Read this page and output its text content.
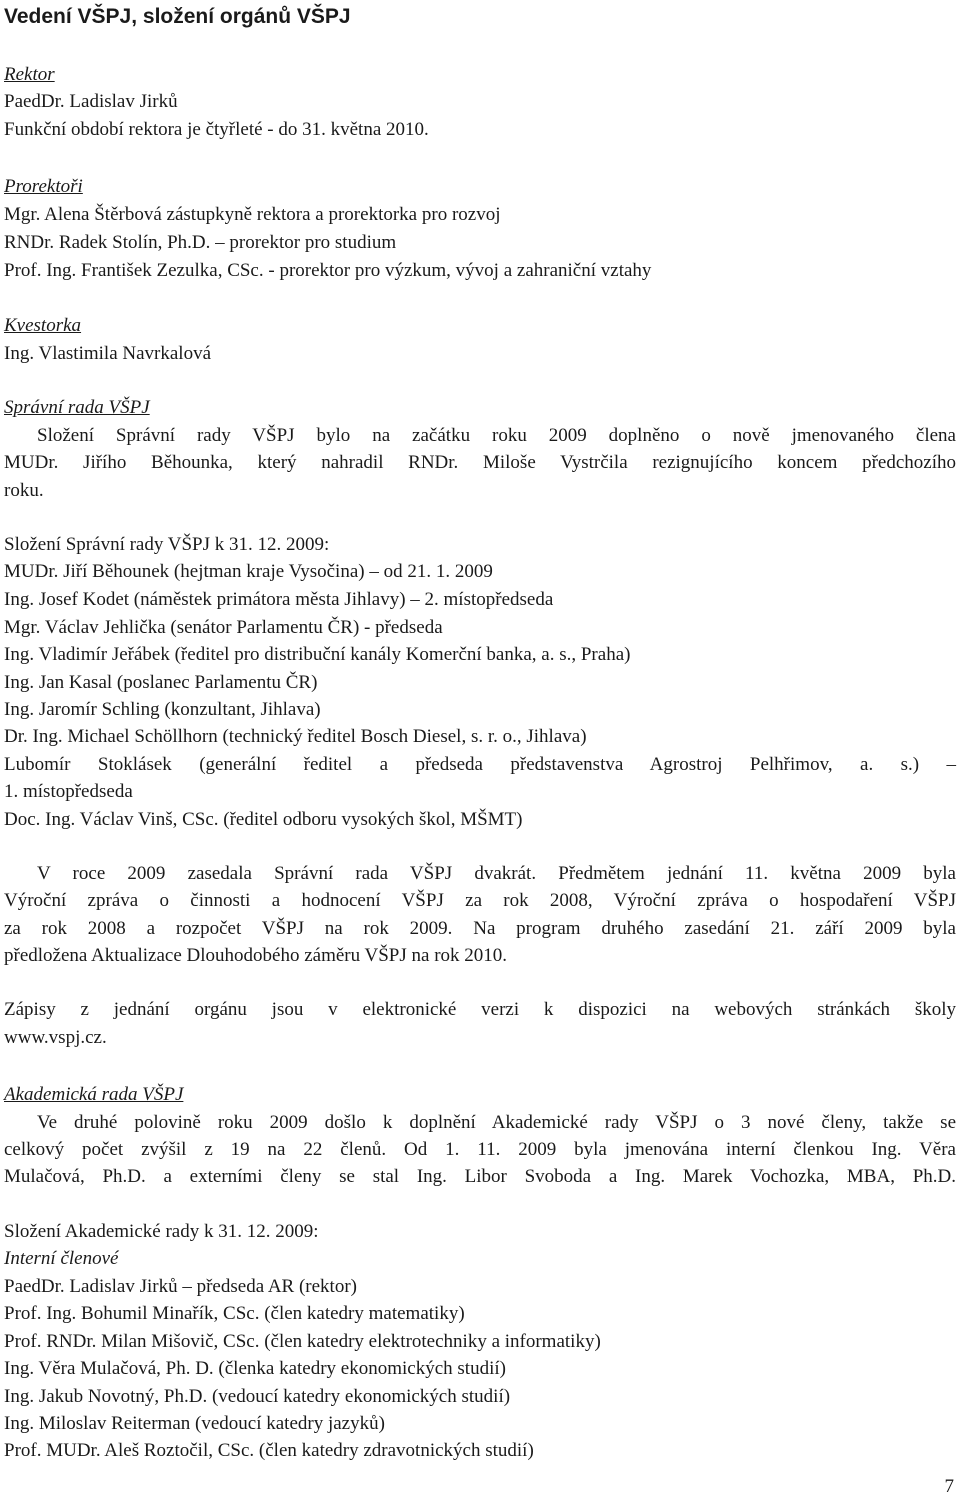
Vedení VŠPJ, složení orgánů VŠPJ
Rektor
PaedDr. Ladislav Jirků
Funkční období rektora je čtyřleté - do 31. května 2010.
Prorektoři
Mgr. Alena Štěrbová zástupkyně rektora a prorektorka pro rozvoj
RNDr. Radek Stolín, Ph.D. – prorektor pro studium
Prof. Ing. František Zezulka, CSc. - prorektor pro výzkum, vývoj a zahraniční vztahy
Kvestorka
Ing. Vlastimila Navrkalová
Správní rada VŠPJ
Složení Správní rady VŠPJ bylo na začátku roku 2009 doplněno o nově jmenovaného člena
MUDr. Jiřího Běhounka, který nahradil RNDr. Miloše Vystrčila rezignujícího koncem předchozího
roku.
Složení Správní rady VŠPJ k 31. 12. 2009:
MUDr. Jiří Běhounek (hejtman kraje Vysočina) – od 21. 1. 2009
Ing. Josef Kodet (náměstek primátora města Jihlavy) – 2. místopředseda
Mgr. Václav Jehlička (senátor Parlamentu ČR) - předseda
Ing. Vladimír Jeřábek (ředitel pro distribuční kanály Komerční banka, a. s., Praha)
Ing. Jan Kasal (poslanec Parlamentu ČR)
Ing. Jaromír Schling (konzultant, Jihlava)
Dr. Ing. Michael Schöllhorn (technický ředitel Bosch Diesel, s. r. o., Jihlava)
Lubomír Stoklásek (generální ředitel a předseda představenstva Agrostroj Pelhřimov, a. s.) –
1. místopředseda
Doc. Ing. Václav Vinš, CSc. (ředitel odboru vysokých škol, MŠMT)
V roce 2009 zasedala Správní rada VŠPJ dvakrát. Předmětem jednání 11. května 2009 byla
Výroční zpráva o činnosti a hodnocení VŠPJ za rok 2008, Výroční zpráva o hospodaření VŠPJ
za rok 2008 a rozpočet VŠPJ na rok 2009. Na program druhého zasedání 21. září 2009 byla
předložena Aktualizace Dlouhodobého záměru VŠPJ na rok 2010.
Zápisy z jednání orgánu jsou v elektronické verzi k dispozici na webových stránkách školy
www.vspj.cz.
Akademická rada VŠPJ
Ve druhé polovině roku 2009 došlo k doplnění Akademické rady VŠPJ o 3 nové členy, takže se
celkový počet zvýšil z 19 na 22 členů. Od 1. 11. 2009 byla jmenována interní členkou Ing. Věra
Mulačová, Ph.D. a externími členy se stal Ing. Libor Svoboda a Ing. Marek Vochozka, MBA, Ph.D.
Složení Akademické rady k 31. 12. 2009:
Interní členové
PaedDr. Ladislav Jirků – předseda AR (rektor)
Prof. Ing. Bohumil Minařík, CSc. (člen katedry matematiky)
Prof. RNDr. Milan Mišovič, CSc. (člen katedry elektrotechniky a informatiky)
Ing. Věra Mulačová, Ph. D. (členka katedry ekonomických studií)
Ing. Jakub Novotný, Ph.D. (vedoucí katedry ekonomických studií)
Ing. Miloslav Reiterman (vedoucí katedry jazyků)
Prof. MUDr. Aleš Roztočil, CSc. (člen katedry zdravotnických studií)
7
